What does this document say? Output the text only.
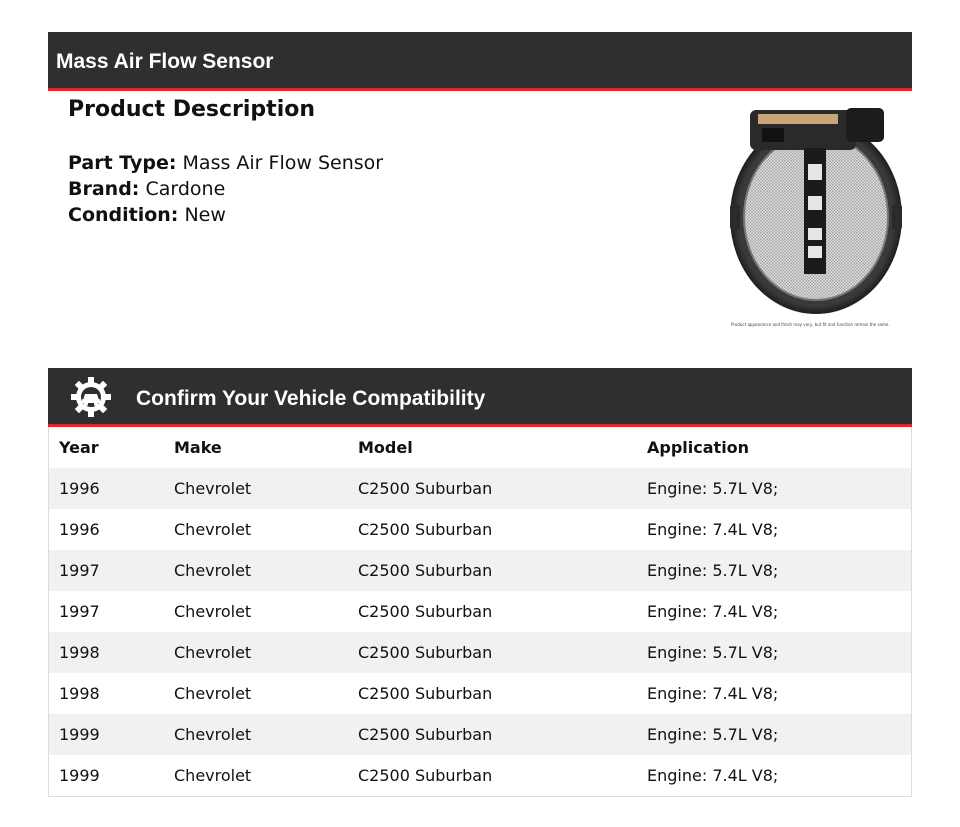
Mass Air Flow Sensor
Product Description
Part Type: Mass Air Flow Sensor
Brand: Cardone
Condition: New
Product appearance and finish may vary, but fit and function remain the same.
Confirm Your Vehicle Compatibility
Year	Make	Model	Application
1996	Chevrolet	C2500 Suburban	Engine: 5.7L V8;
1996	Chevrolet	C2500 Suburban	Engine: 7.4L V8;
1997	Chevrolet	C2500 Suburban	Engine: 5.7L V8;
1997	Chevrolet	C2500 Suburban	Engine: 7.4L V8;
1998	Chevrolet	C2500 Suburban	Engine: 5.7L V8;
1998	Chevrolet	C2500 Suburban	Engine: 7.4L V8;
1999	Chevrolet	C2500 Suburban	Engine: 5.7L V8;
1999	Chevrolet	C2500 Suburban	Engine: 7.4L V8;
